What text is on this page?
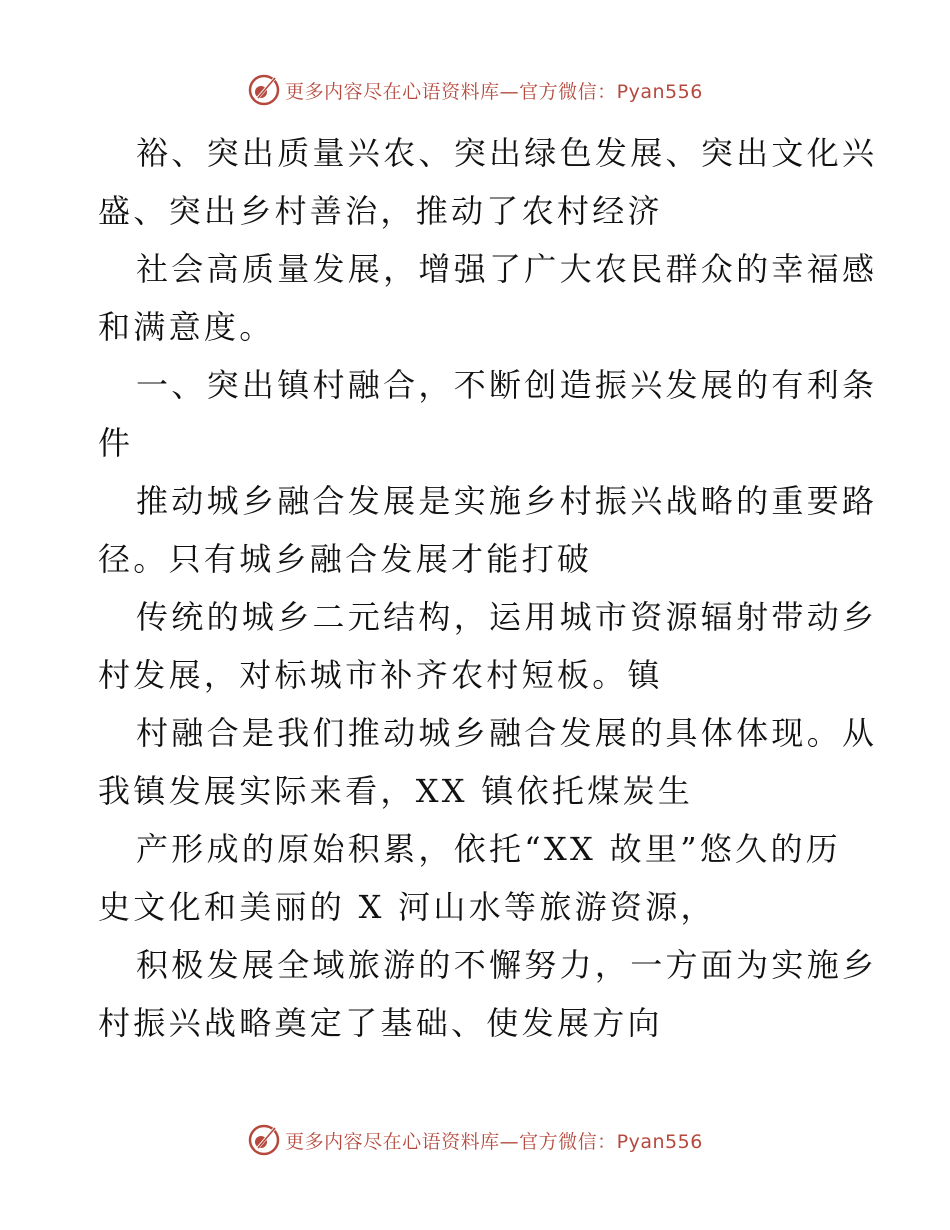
更多内容尽在心语资料库 —官方微信：Pyan556

裕、突出质量兴农、突出绿色发展、突出文化兴
盛、突出乡村善治，推动了农村经济

社会高质量发展，增强了广大农民群众的幸福感
和满意度。

一、突出镇村融合，不断创造振兴发展的有利条
件

推动城乡融合发展是实施乡村振兴战略的重要路
径。只有城乡融合发展才能打破

传统的城乡二元结构，运用城市资源辐射带动乡
村发展，对标城市补齐农村短板。镇

村融合是我们推动城乡融合发展的具体体现。从
我镇发展实际来看，XX 镇依托煤炭生

产形成的原始积累，依托“XX 故里”悠久的历
史文化和美丽的 X 河山水等旅游资源，

积极发展全域旅游的不懈努力，一方面为实施乡
村振兴战略奠定了基础、使发展方向

更多内容尽在心语资料库 —官方微信：Pyan556
